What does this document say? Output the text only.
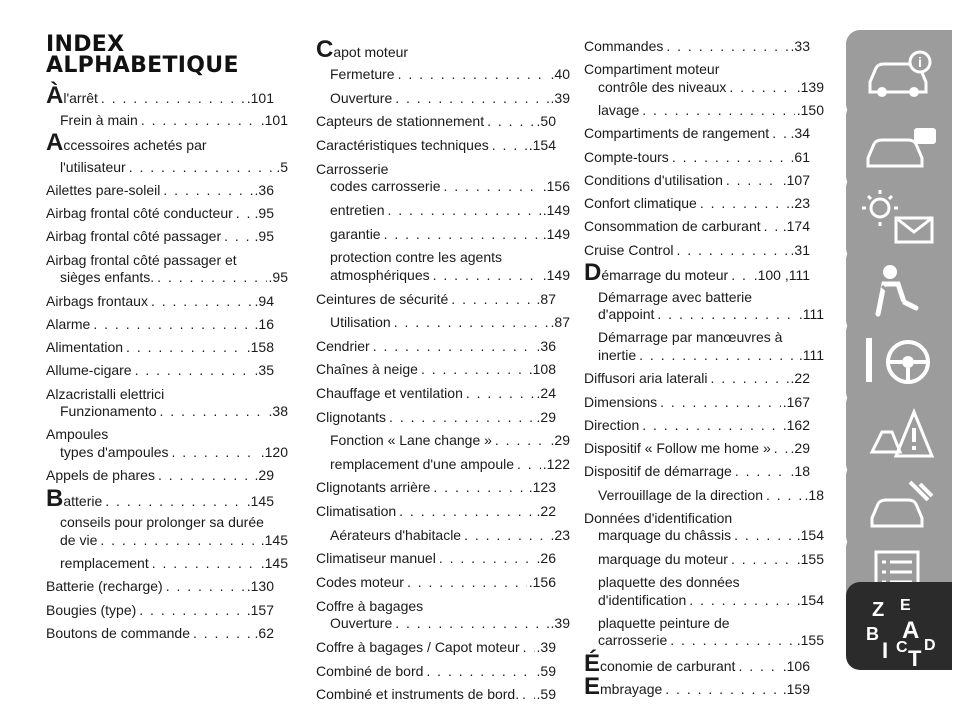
INDEX
ALPHABETIQUE
Àl'arrêt . . .	.101
Frein à main . . .	.101
Accessoires achetés par
l'utilisateur . . .	.5
Ailettes pare-soleil . . .	.36
Airbag frontal côté conducteur . . . .95
Airbag frontal côté passager . . . .95
Airbag frontal côté passager et
sièges enfants. . . .	.95
Airbags frontaux . . .	.94
Alarme . . .	.16
Alimentation . . .	.158
Allume-cigare . . .	.35
Alzacristalli elettrici
Funzionamento . . .	.38
Ampoules
types d'ampoules . . .	.120
Appels de phares . . .	.29
Batterie . . .	.145
conseils pour prolonger sa durée
de vie . . .	.145
remplacement . . .	.145
Batterie (recharge) . . .	.130
Bougies (type) . . .	.157
Boutons de commande . . .	.62
Capot moteur
Fermeture . . .	.40
Ouverture . . .	.39
Capteurs de stationnement . . .	.50
Caractéristiques techniques . . .	.154
Carrosserie
codes carrosserie . . .	.156
entretien . . .	.149
garantie . . .	.149
protection contre les agents
atmosphériques . . .	.149
Ceintures de sécurité . . .	.87
Utilisation . . .	.87
Cendrier . . .	.36
Chaînes à neige . . .	.108
Chauffage et ventilation . . .	.24
Clignotants . . .	.29
Fonction « Lane change » . . .	.29
remplacement d'une ampoule . . . .122
Clignotants arrière . . .	.123
Climatisation . . .	.22
Aérateurs d'habitacle . . .	.23
Climatiseur manuel . . .	.26
Codes moteur . . .	.156
Coffre à bagages
Ouverture . . .	.39
Coffre à bagages / Capot moteur . . . .39
Combiné de bord . . .	.59
Combiné et instruments de bord. . . . .59
Commandes . . .	.33
Compartiment moteur
contrôle des niveaux . . .	.139
lavage . . .	.150
Compartiments de rangement . . . .34
Compte-tours . . .	.61
Conditions d'utilisation . . .	.107
Confort climatique . . .	.23
Consommation de carburant . . . .174
Cruise Control . . .	.31
Démarrage du moteur . . . .100 ,111
Démarrage avec batterie
d'appoint . . .	.111
Démarrage par manœuvres à
inertie . . .	.111
Diffusori aria laterali . . .	.22
Dimensions . . .	.167
Direction . . .	.162
Dispositif « Follow me home » . . . .29
Dispositif de démarrage . . .	.18
Verrouillage de la direction . . .	.18
Données d'identification
marquage du châssis . . .	.154
marquage du moteur . . .	.155
plaquette des données
d'identification . . .	.154
plaquette peinture de
carrosserie . . .	.155
Économie de carburant . . .	.106
Embrayage . . .	.159
i
Z E
B A
I C T
D
